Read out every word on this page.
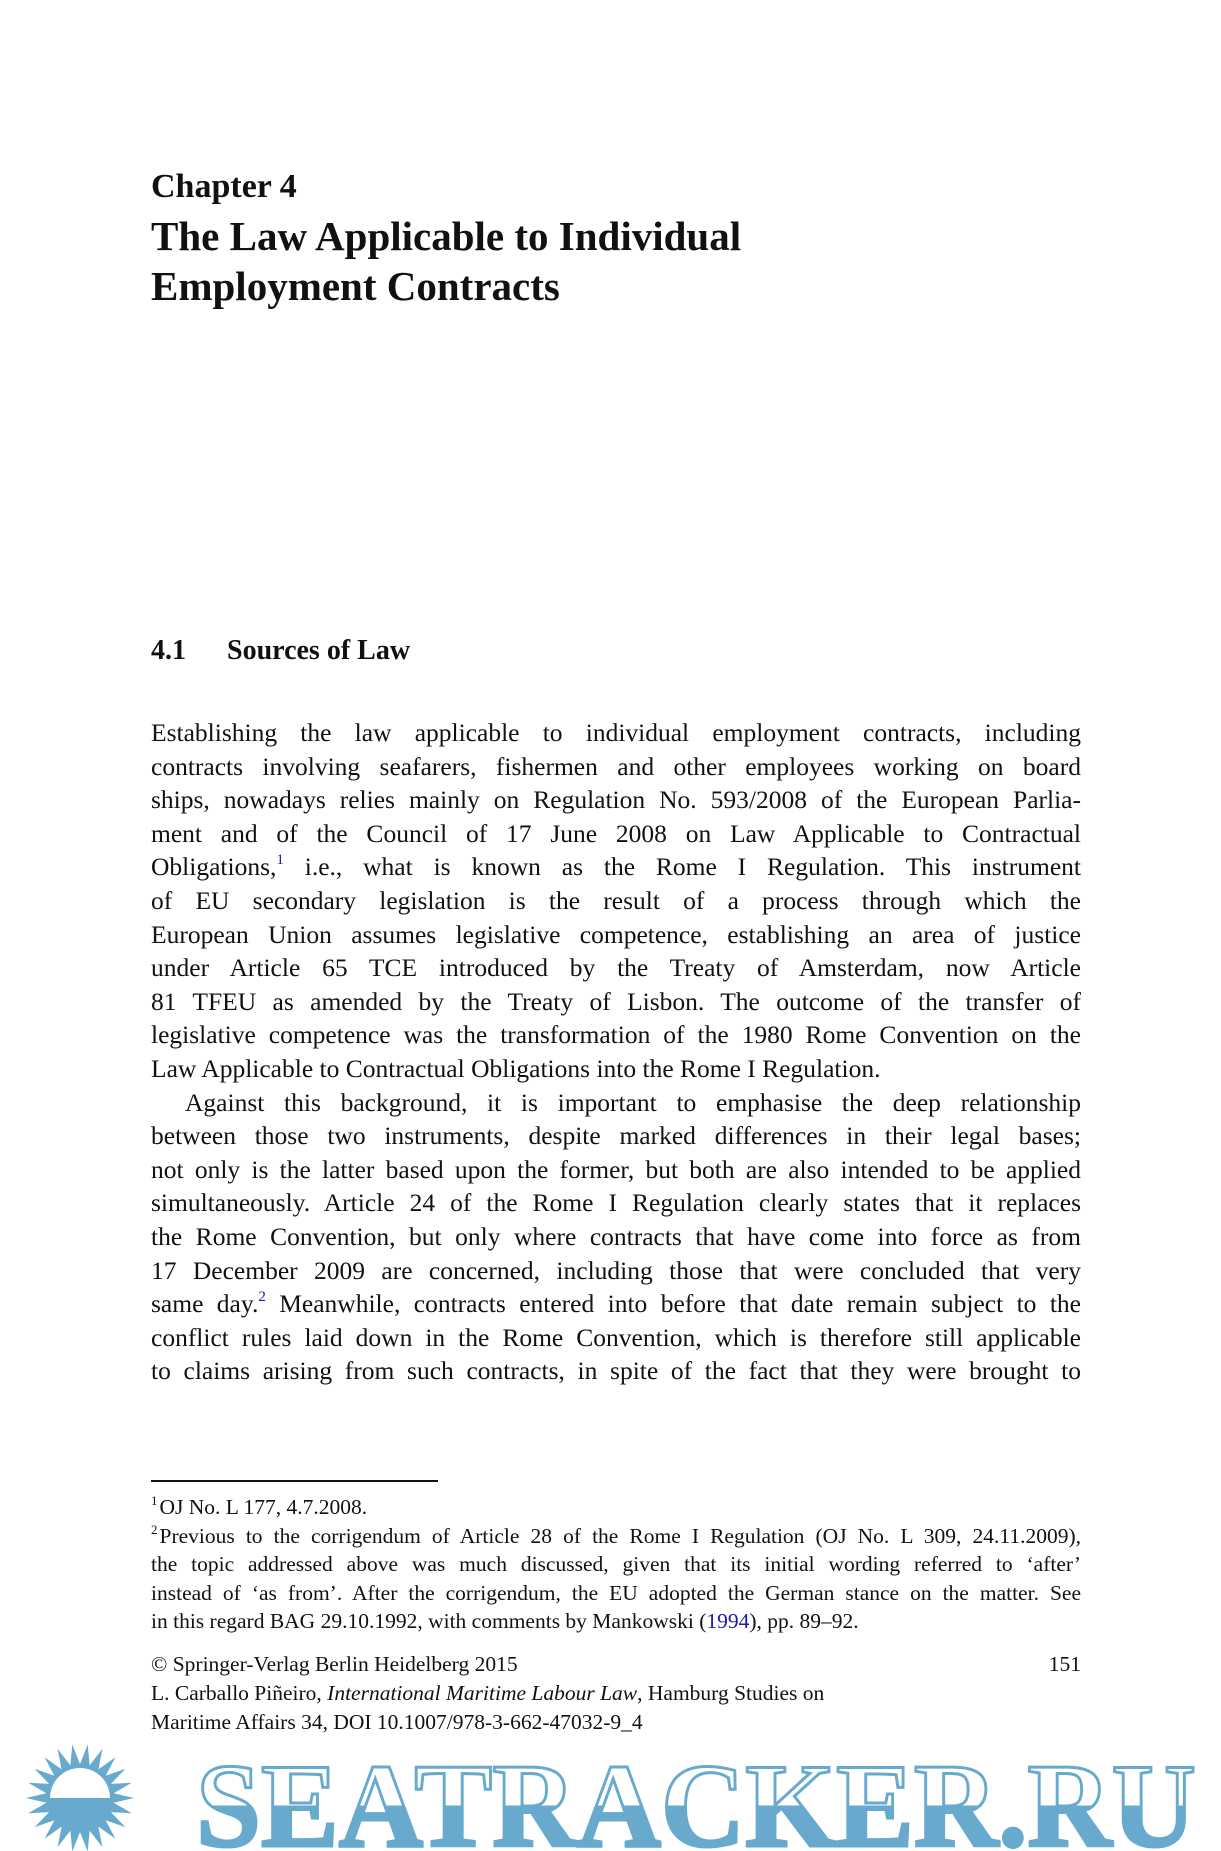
Chapter 4
The Law Applicable to Individual
Employment Contracts
4.1 Sources of Law
Establishing the law applicable to individual employment contracts, including
contracts involving seafarers, fishermen and other employees working on board
ships, nowadays relies mainly on Regulation No. 593/2008 of the European Parlia-
ment and of the Council of 17 June 2008 on Law Applicable to Contractual
Obligations,$^1$ i.e., what is known as the Rome I Regulation. This instrument
of EU secondary legislation is the result of a process through which the
European Union assumes legislative competence, establishing an area of justice
under Article 65 TCE introduced by the Treaty of Amsterdam, now Article
81 TFEU as amended by the Treaty of Lisbon. The outcome of the transfer of
legislative competence was the transformation of the 1980 Rome Convention on the
Law Applicable to Contractual Obligations into the Rome I Regulation.
Against this background, it is important to emphasise the deep relationship
between those two instruments, despite marked differences in their legal bases;
not only is the latter based upon the former, but both are also intended to be applied
simultaneously. Article 24 of the Rome I Regulation clearly states that it replaces
the Rome Convention, but only where contracts that have come into force as from
17 December 2009 are concerned, including those that were concluded that very
same day.$^2$ Meanwhile, contracts entered into before that date remain subject to the
conflict rules laid down in the Rome Convention, which is therefore still applicable
to claims arising from such contracts, in spite of the fact that they were brought to
$^1$OJ No. L 177, 4.7.2008.
$^2$Previous to the corrigendum of Article 28 of the Rome I Regulation (OJ No. L 309, 24.11.2009),
the topic addressed above was much discussed, given that its initial wording referred to ‘after’
instead of ‘as from’. After the corrigendum, the EU adopted the German stance on the matter. See
in this regard BAG 29.10.1992, with comments by Mankowski (1994), pp. 89–92.
© Springer-Verlag Berlin Heidelberg 2015	151
L. Carballo Piñeiro, International Maritime Labour Law, Hamburg Studies on
Maritime Affairs 34, DOI 10.1007/978-3-662-47032-9_4
SEATRACKER.RU
